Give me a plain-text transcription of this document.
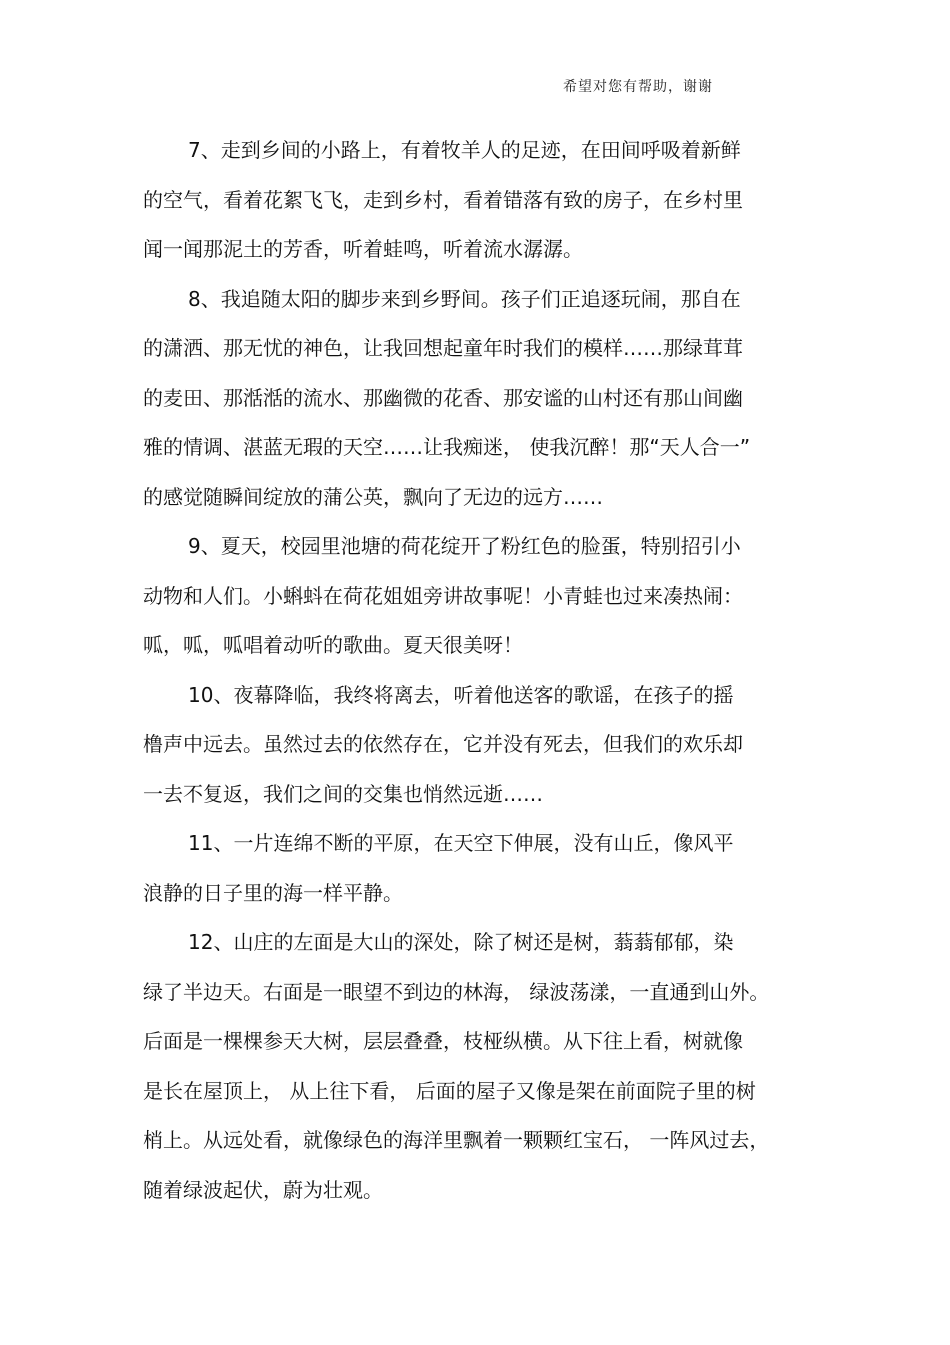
希望对您有帮助，谢谢
7、走到乡间的小路上，有着牧羊人的足迹，在田间呼吸着新鲜
的空气，看着花絮飞飞，走到乡村，看着错落有致的房子，在乡村里
闻一闻那泥土的芳香，听着蛙鸣，听着流水潺潺。
8、我追随太阳的脚步来到乡野间。孩子们正追逐玩闹，那自在
的潇洒、那无忧的神色，让我回想起童年时我们的模样……那绿茸茸
的麦田、那湉湉的流水、那幽微的花香、那安谧的山村还有那山间幽
雅的情调、湛蓝无瑕的天空……让我痴迷， 使我沉醉！那“天人合一”
的感觉随瞬间绽放的蒲公英，飘向了无边的远方……
9、夏天，校园里池塘的荷花绽开了粉红色的脸蛋，特别招引小
动物和人们。小蝌蚪在荷花姐姐旁讲故事呢！小青蛙也过来凑热闹：
呱，呱，呱唱着动听的歌曲。夏天很美呀！
10、夜幕降临，我终将离去，听着他送客的歌谣，在孩子的摇
橹声中远去。虽然过去的依然存在，它并没有死去，但我们的欢乐却
一去不复返，我们之间的交集也悄然远逝……
11、一片连绵不断的平原，在天空下伸展，没有山丘，像风平
浪静的日子里的海一样平静。
12、山庄的左面是大山的深处，除了树还是树，蓊蓊郁郁，染
绿了半边天。右面是一眼望不到边的林海， 绿波荡漾，一直通到山外。
后面是一棵棵参天大树，层层叠叠，枝桠纵横。从下往上看，树就像
是长在屋顶上， 从上往下看， 后面的屋子又像是架在前面院子里的树
梢上。从远处看，就像绿色的海洋里飘着一颗颗红宝石， 一阵风过去，
随着绿波起伏，蔚为壮观。
